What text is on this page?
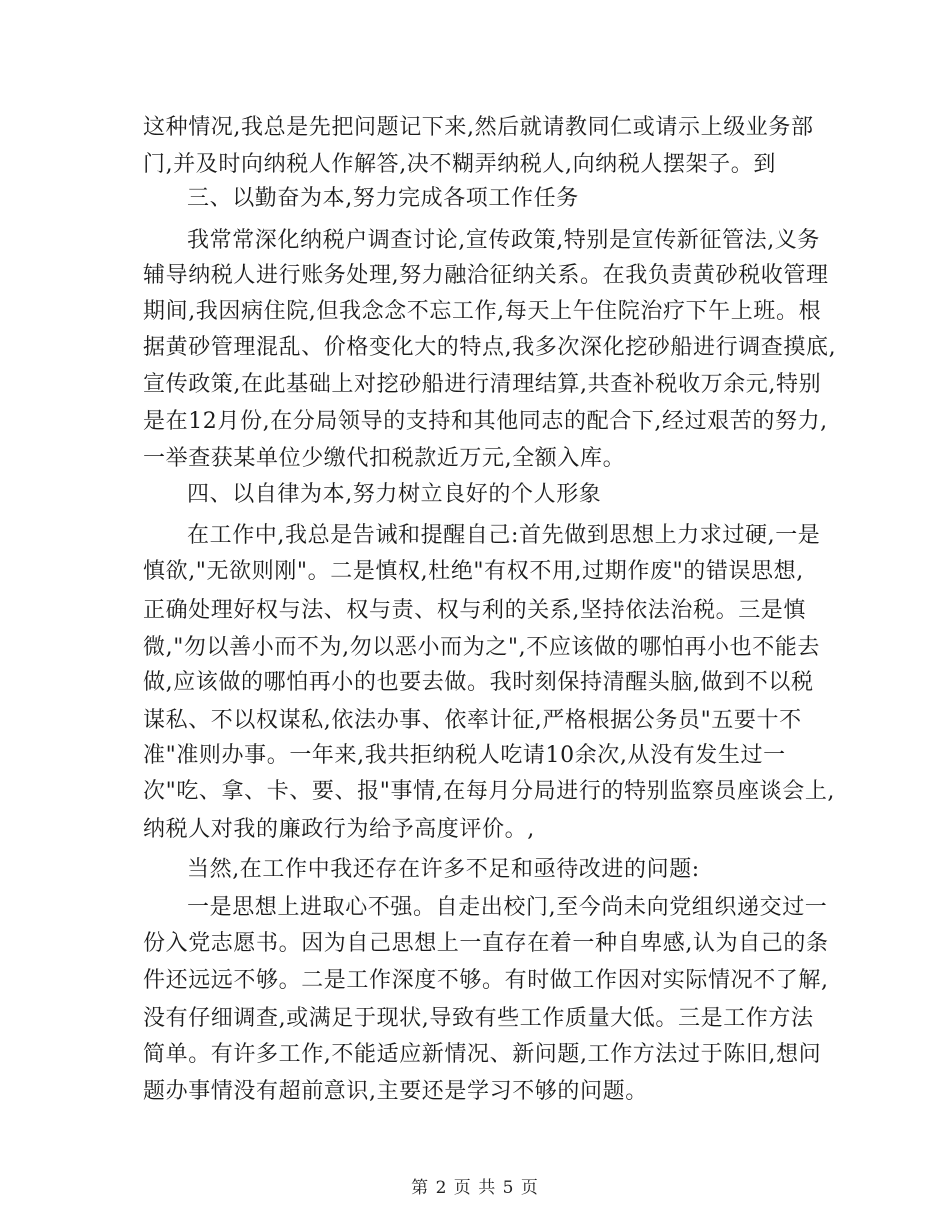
这种情况,我总是先把问题记下来,然后就请教同仁或请示上级业务部
门,并及时向纳税人作解答,决不糊弄纳税人,向纳税人摆架子。到
三、以勤奋为本,努力完成各项工作任务
我常常深化纳税户调查讨论,宣传政策,特别是宣传新征管法,义务
辅导纳税人进行账务处理,努力融洽征纳关系。在我负责黄砂税收管理
期间,我因病住院,但我念念不忘工作,每天上午住院治疗下午上班。根
据黄砂管理混乱、价格变化大的特点,我多次深化挖砂船进行调查摸底,
宣传政策,在此基础上对挖砂船进行清理结算,共查补税收万余元,特别
是在12月份,在分局领导的支持和其他同志的配合下,经过艰苦的努力,
一举查获某单位少缴代扣税款近万元,全额入库。
四、以自律为本,努力树立良好的个人形象
在工作中,我总是告诫和提醒自己:首先做到思想上力求过硬,一是
慎欲,"无欲则刚"。二是慎权,杜绝"有权不用,过期作废"的错误思想,
正确处理好权与法、权与责、权与利的关系,坚持依法治税。三是慎
微,"勿以善小而不为,勿以恶小而为之",不应该做的哪怕再小也不能去
做,应该做的哪怕再小的也要去做。我时刻保持清醒头脑,做到不以税
谋私、不以权谋私,依法办事、依率计征,严格根据公务员"五要十不
准"准则办事。一年来,我共拒纳税人吃请10余次,从没有发生过一
次"吃、拿、卡、要、报"事情,在每月分局进行的特别监察员座谈会上,
纳税人对我的廉政行为给予高度评价。,
当然,在工作中我还存在许多不足和亟待改进的问题:
一是思想上进取心不强。自走出校门,至今尚未向党组织递交过一
份入党志愿书。因为自己思想上一直存在着一种自卑感,认为自己的条
件还远远不够。二是工作深度不够。有时做工作因对实际情况不了解,
没有仔细调查,或满足于现状,导致有些工作质量大低。三是工作方法
简单。有许多工作,不能适应新情况、新问题,工作方法过于陈旧,想问
题办事情没有超前意识,主要还是学习不够的问题。
第 2 页 共 5 页
